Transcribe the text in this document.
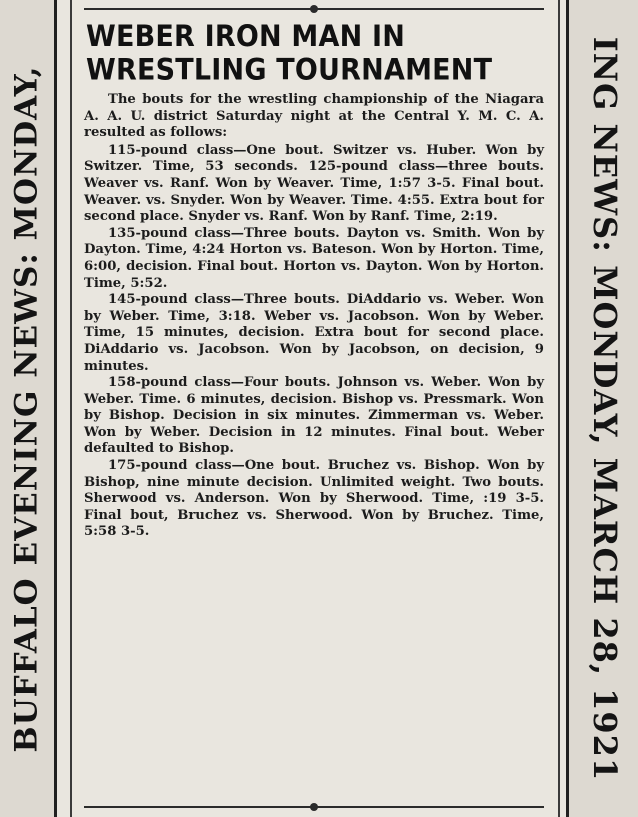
BUFFALO EVENING NEWS: MONDAY,
WEBER IRON MAN IN WRESTLING TOURNAMENT

The bouts for the wrestling championship of the Niagara A. A. U. district Saturday night at the Central Y. M. C. A. resulted as follows:

115-pound class—One bout. Switzer vs. Huber. Won by Switzer. Time, 53 seconds. 125-pound class—three bouts. Weaver vs. Ranf. Won by Weaver. Time, 1:57 3-5. Final bout. Weaver. vs. Snyder. Won by Weaver. Time. 4:55. Extra bout for second place. Snyder vs. Ranf. Won by Ranf. Time, 2:19.

135-pound class—Three bouts. Dayton vs. Smith. Won by Dayton. Time, 4:24 Horton vs. Bateson. Won by Horton. Time, 6:00, decision. Final bout. Horton vs. Dayton. Won by Horton. Time, 5:52.

145-pound class—Three bouts. DiAddario vs. Weber. Won by Weber. Time, 3:18. Weber vs. Jacobson. Won by Weber. Time, 15 minutes, decision. Extra bout for second place. DiAddario vs. Jacobson. Won by Jacobson, on decision, 9 minutes.

158-pound class—Four bouts. Johnson vs. Weber. Won by Weber. Time. 6 minutes, decision. Bishop vs. Pressmark. Won by Bishop. Decision in six minutes. Zimmerman vs. Weber. Won by Weber. Decision in 12 minutes. Final bout. Weber defaulted to Bishop.

175-pound class—One bout. Bruchez vs. Bishop. Won by Bishop, nine minute decision. Unlimited weight. Two bouts. Sherwood vs. Anderson. Won by Sherwood. Time, :19 3-5. Final bout, Bruchez vs. Sherwood. Won by Bruchez. Time, 5:58 3-5.	ING NEWS: MONDAY, MARCH 28, 1921
